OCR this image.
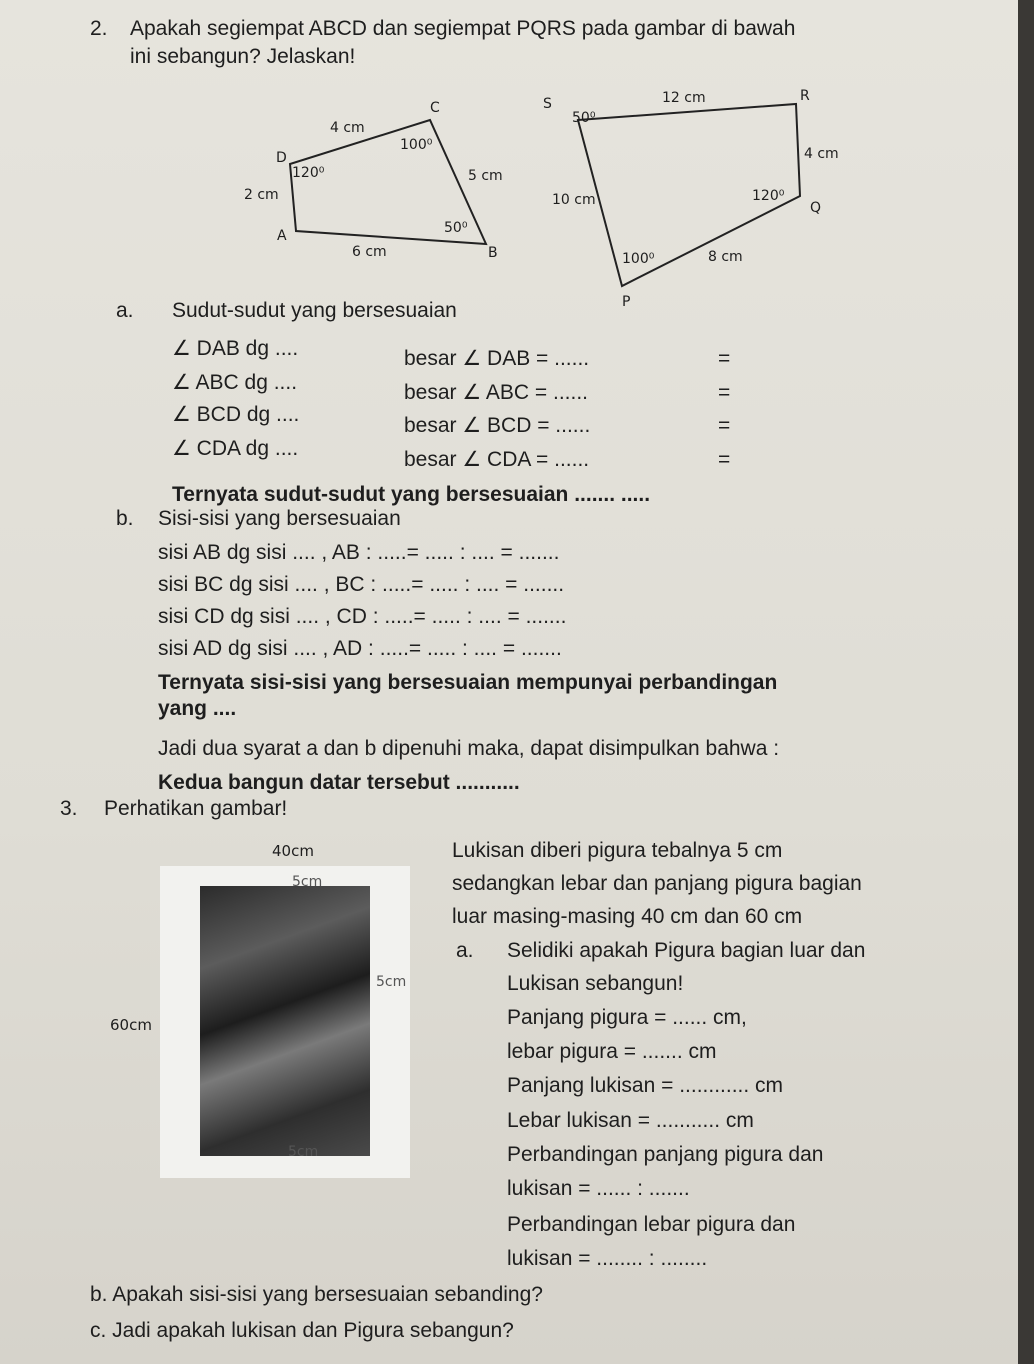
2. Apakah segiempat ABCD dan segiempat PQRS pada gambar di bawah
ini sebangun? Jelaskan!
C
D
A
B
4 cm
2 cm
6 cm
5 cm
100⁰
120⁰
50⁰
S	R
Q
P
12 cm
4 cm
10 cm
8 cm
50⁰
120⁰
100⁰
a. Sudut-sudut yang bersesuaian
∠ DAB dg ....	besar ∠ DAB = ......	=
∠ ABC dg ....	besar ∠ ABC = ......	=
∠ BCD dg ....	besar ∠ BCD = ......	=
∠ CDA dg ....	besar ∠ CDA = ......	=
Ternyata sudut-sudut yang bersesuaian ....... .....
b. Sisi-sisi yang bersesuaian
sisi AB dg sisi .... , AB : .....= ..... : .... = .......
sisi BC dg sisi .... , BC : .....= ..... : .... = .......
sisi CD dg sisi .... , CD : .....= ..... : .... = .......
sisi AD dg sisi .... , AD : .....= ..... : .... = .......
Ternyata sisi-sisi yang bersesuaian mempunyai perbandingan
yang ....
Jadi dua syarat a dan b dipenuhi maka, dapat disimpulkan bahwa :
Kedua bangun datar tersebut ...........
3. Perhatikan gambar!
40cm
5cm
5cm
60cm
5cm
Lukisan diberi pigura tebalnya 5 cm
sedangkan lebar dan panjang pigura bagian
luar masing-masing 40 cm dan 60 cm
a. Selidiki apakah Pigura bagian luar dan
Lukisan sebangun!
Panjang pigura = ...... cm,
lebar pigura = ....... cm
Panjang lukisan = ............ cm
Lebar lukisan = ........... cm
Perbandingan panjang pigura dan
lukisan = ...... : .......
Perbandingan lebar pigura dan
lukisan = ........ : ........
b. Apakah sisi-sisi yang bersesuaian sebanding?
c. Jadi apakah lukisan dan Pigura sebangun?
